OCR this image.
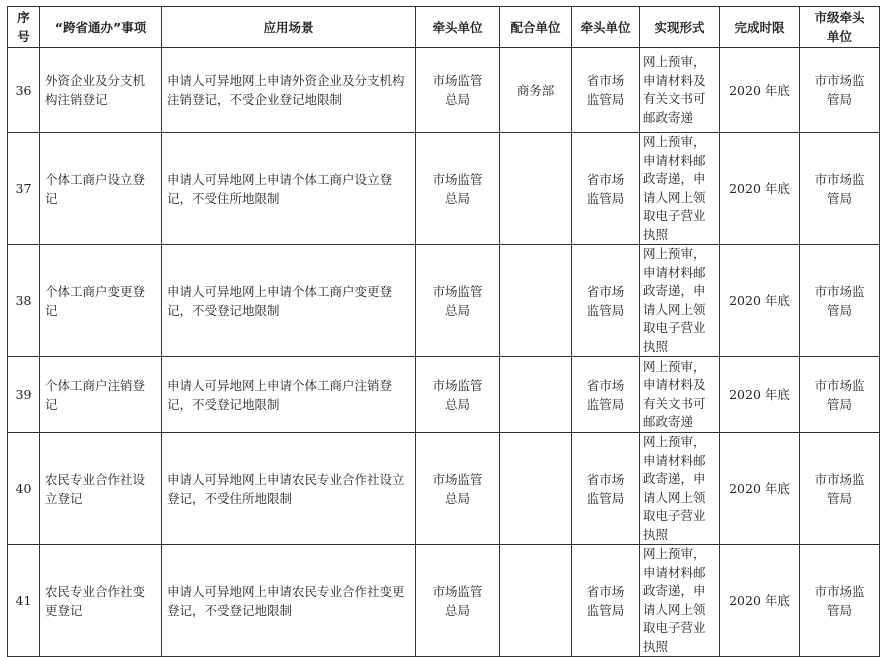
序号	“跨省通办”事项	应用场景	牵头单位	配合单位	牵头单位	实现形式	完成时限	市级牵头单位
36	外资企业及分支机构注销登记	申请人可异地网上申请外资企业及分支机构注销登记，不受企业登记地限制	市场监管总局	商务部	省市场监管局	网上预审，申请材料及有关文书可邮政寄递	2020 年底	市市场监管局
37	个体工商户设立登记	申请人可异地网上申请个体工商户设立登记，不受住所地限制	市场监管总局		省市场监管局	网上预审，申请材料邮政寄递，申请人网上领取电子营业执照	2020 年底	市市场监管局
38	个体工商户变更登记	申请人可异地网上申请个体工商户变更登记，不受登记地限制	市场监管总局		省市场监管局	网上预审，申请材料邮政寄递，申请人网上领取电子营业执照	2020 年底	市市场监管局
39	个体工商户注销登记	申请人可异地网上申请个体工商户注销登记，不受登记地限制	市场监管总局		省市场监管局	网上预审，申请材料及有关文书可邮政寄递	2020 年底	市市场监管局
40	农民专业合作社设立登记	申请人可异地网上申请农民专业合作社设立登记，不受住所地限制	市场监管总局		省市场监管局	网上预审，申请材料邮政寄递，申请人网上领取电子营业执照	2020 年底	市市场监管局
41	农民专业合作社变更登记	申请人可异地网上申请农民专业合作社变更登记，不受登记地限制	市场监管总局		省市场监管局	网上预审，申请材料邮政寄递，申请人网上领取电子营业执照	2020 年底	市市场监管局
